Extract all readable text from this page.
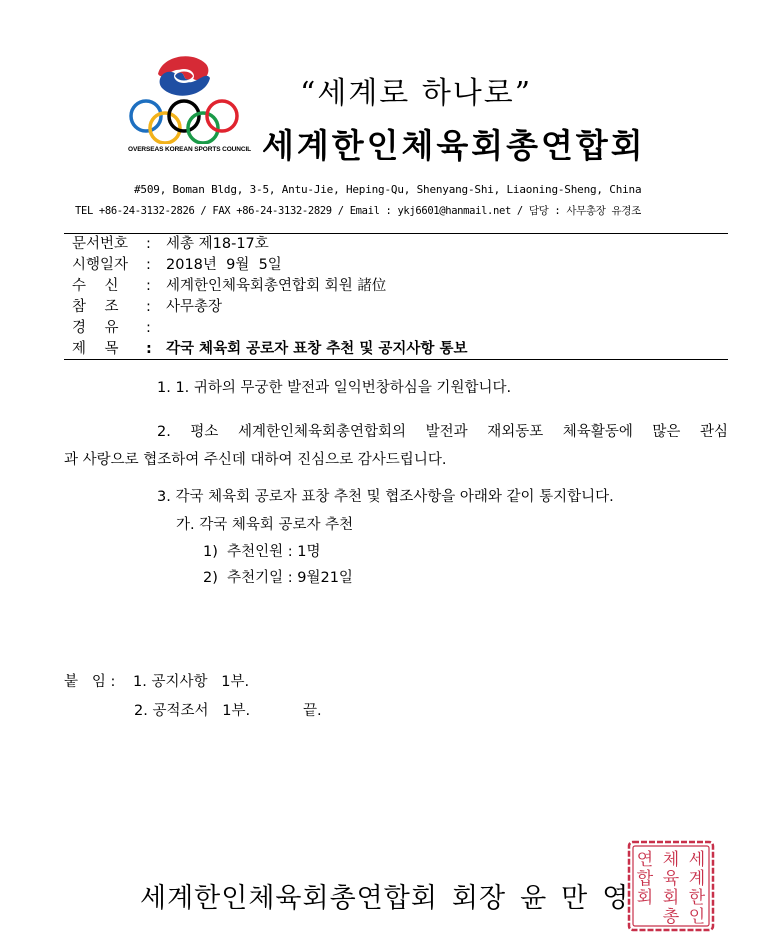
OVERSEAS KOREAN SPORTS COUNCIL
“세계로 하나로”
세계한인체육회총연합회
#509, Boman Bldg, 3-5, Antu-Jie, Heping-Qu, Shenyang-Shi, Liaoning-Sheng, China
TEL +86-24-3132-2826 / FAX +86-24-3132-2829 / Email : ykj6601@hanmail.net / 담당 : 사무총장 유경조
문서번호	:	세총 제18-17호
시행일자	:	2018년  9월  5일
수    신	:	세계한인체육회총연합회 회원 諸位
참    조	:	사무총장
경    유	:
제    목	: 각국 체육회 공로자 표창 추천 및 공지사항 통보
1. 1. 귀하의 무궁한 발전과 일익번창하심을 기원합니다.
2. 평소 세계한인체육회총연합회의 발전과 재외동포 체육활동에 많은 관심
과 사랑으로 협조하여 주신데 대하여 진심으로 감사드립니다.
3. 각국 체육회 공로자 표창 추천 및 협조사항을 아래와 같이 통지합니다.
가. 각국 체육회 공로자 추천
1)  추천인원 : 1명
2)  추천기일 : 9월21일
붙   임 : 1. 공지사항   1부.
2. 공적조서   1부.	끝.
세계한인체육회총연합회 회장 윤 만 영
세
계
한
인
체
육
회
총
연
합
회
